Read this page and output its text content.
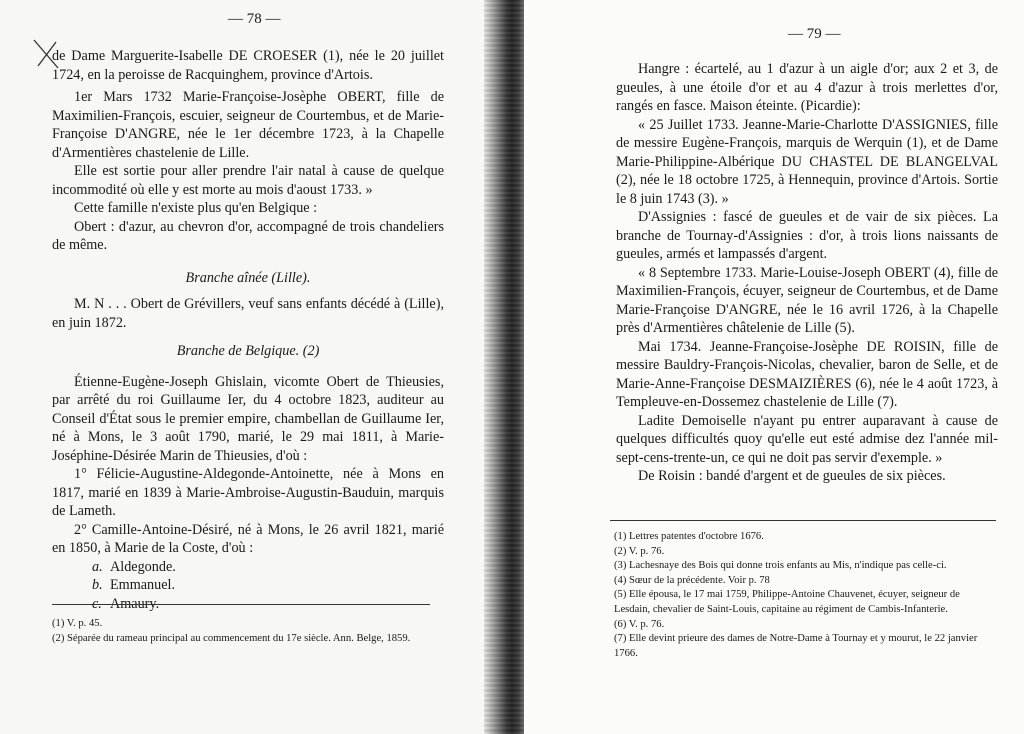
— 78 —

de Dame Marguerite-Isabelle DE CROESER (1), née le 20 juillet 1724, en la peroisse de Racquinghem, province d'Artois.

1er Mars 1732 Marie-Françoise-Josèphe OBERT, fille de Maximilien-François, escuier, seigneur de Courtembus, et de Marie-Françoise D'ANGRE, née le 1er décembre 1723, à la Chapelle d'Armentières chastelenie de Lille.

Elle est sortie pour aller prendre l'air natal à cause de quelque incommodité où elle y est morte au mois d'aoust 1733. »

Cette famille n'existe plus qu'en Belgique :

Obert : d'azur, au chevron d'or, accompagné de trois chandeliers de même.

Branche aînée (Lille).

M. N . . . Obert de Grévillers, veuf sans enfants décédé à (Lille), en juin 1872.

Branche de Belgique. (2)

Étienne-Eugène-Joseph Ghislain, vicomte Obert de Thieusies, par arrêté du roi Guillaume Ier, du 4 octobre 1823, auditeur au Conseil d'État sous le premier empire, chambellan de Guillaume Ier, né à Mons, le 3 août 1790, marié, le 29 mai 1811, à Marie-Joséphine-Désirée Marin de Thieusies, d'où :

1° Félicie-Augustine-Aldegonde-Antoinette, née à Mons en 1817, marié en 1839 à Marie-Ambroise-Augustin-Bauduin, marquis de Lameth.

2° Camille-Antoine-Désiré, né à Mons, le 26 avril 1821, marié en 1850, à Marie de la Coste, d'où :

a. Aldegonde.

b. Emmanuel.

c. Amaury.

(1) V. p. 45.

(2) Séparée du rameau principal au commencement du 17e siècle. Ann. Belge, 1859.

— 79 —

Hangre : écartelé, au 1 d'azur à un aigle d'or; aux 2 et 3, de gueules, à une étoile d'or et au 4 d'azur à trois merlettes d'or, rangés en fasce. Maison éteinte. (Picardie):

« 25 Juillet 1733. Jeanne-Marie-Charlotte D'ASSIGNIES, fille de messire Eugène-François, marquis de Werquin (1), et de Dame Marie-Philippine-Albérique DU CHASTEL DE BLANGELVAL (2), née le 18 octobre 1725, à Hennequin, province d'Artois. Sortie le 8 juin 1743 (3). »

D'Assignies : fascé de gueules et de vair de six pièces. La branche de Tournay-d'Assignies : d'or, à trois lions naissants de gueules, armés et lampassés d'argent.

« 8 Septembre 1733. Marie-Louise-Joseph OBERT (4), fille de Maximilien-François, écuyer, seigneur de Courtembus, et de Dame Marie-Françoise D'ANGRE, née le 16 avril 1726, à la Chapelle près d'Armentières châtelenie de Lille (5).

Mai 1734. Jeanne-Françoise-Josèphe DE ROISIN, fille de messire Bauldry-François-Nicolas, chevalier, baron de Selle, et de Marie-Anne-Françoise DESMAIZIÈRES (6), née le 4 août 1723, à Templeuve-en-Dossemez chastelenie de Lille (7).

Ladite Demoiselle n'ayant pu entrer auparavant à cause de quelques difficultés quoy qu'elle eut esté admise dez l'année mil-sept-cens-trente-un, ce qui ne doit pas servir d'exemple. »

De Roisin : bandé d'argent et de gueules de six pièces.

(1) Lettres patentes d'octobre 1676.

(2) V. p. 76.

(3) Lachesnaye des Bois qui donne trois enfants au Mis, n'indique pas celle-ci.

(4) Sœur de la précédente. Voir p. 78

(5) Elle épousa, le 17 mai 1759, Philippe-Antoine Chauvenet, écuyer, seigneur de Lesdain, chevalier de Saint-Louis, capitaine au régiment de Cambis-Infanterie.

(6) V. p. 76.

(7) Elle devint prieure des dames de Notre-Dame à Tournay et y mourut, le 22 janvier 1766.
